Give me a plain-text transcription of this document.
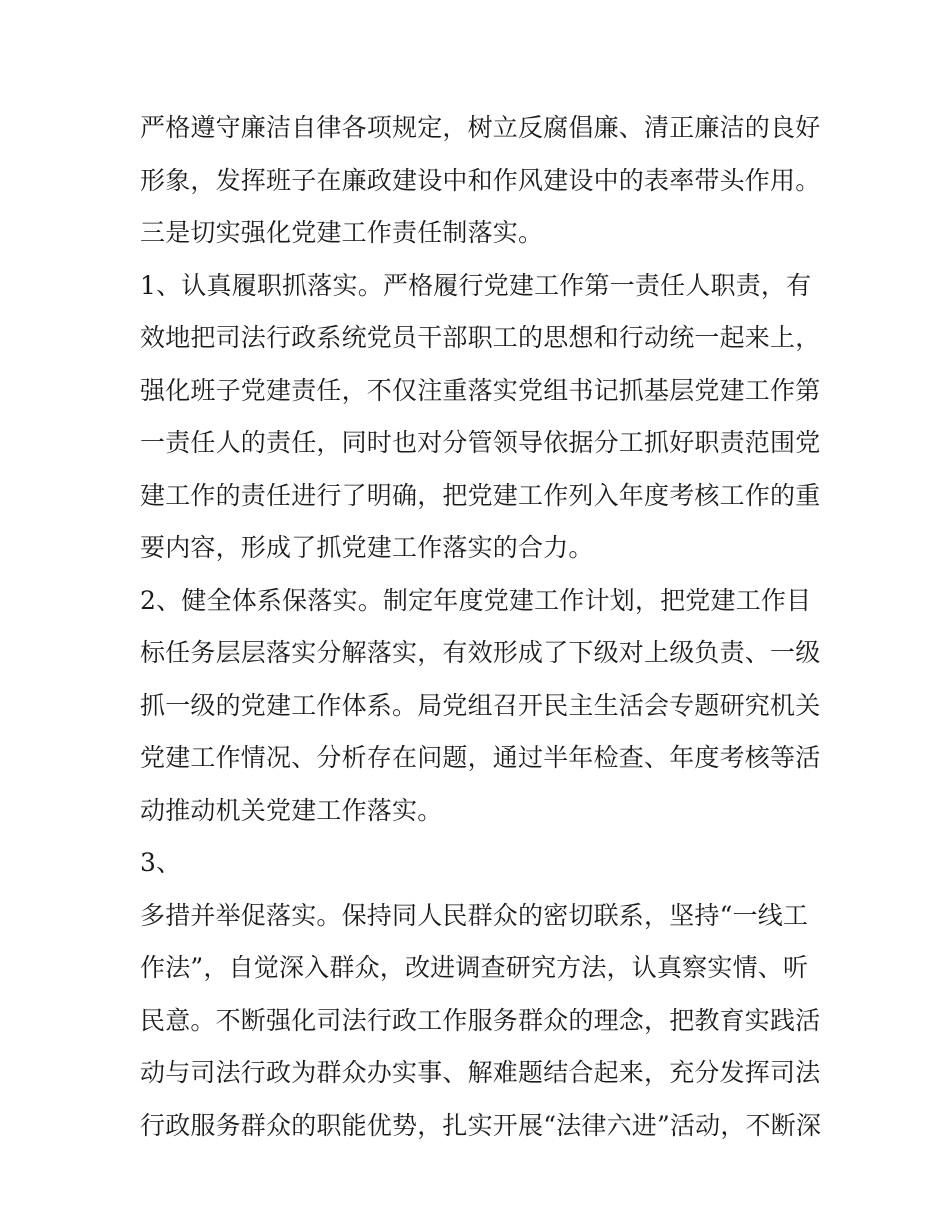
严格遵守廉洁自律各项规定，树立反腐倡廉、清正廉洁的良好
形象，发挥班子在廉政建设中和作风建设中的表率带头作用。
三是切实强化党建工作责任制落实。
1、认真履职抓落实。严格履行党建工作第一责任人职责，有
效地把司法行政系统党员干部职工的思想和行动统一起来上，
强化班子党建责任，不仅注重落实党组书记抓基层党建工作第
一责任人的责任，同时也对分管领导依据分工抓好职责范围党
建工作的责任进行了明确，把党建工作列入年度考核工作的重
要内容，形成了抓党建工作落实的合力。
2、健全体系保落实。制定年度党建工作计划，把党建工作目
标任务层层落实分解落实，有效形成了下级对上级负责、一级
抓一级的党建工作体系。局党组召开民主生活会专题研究机关
党建工作情况、分析存在问题，通过半年检查、年度考核等活
动推动机关党建工作落实。
3、
多措并举促落实。保持同人民群众的密切联系，坚持“一线工
作法”，自觉深入群众，改进调查研究方法，认真察实情、听
民意。不断强化司法行政工作服务群众的理念，把教育实践活
动与司法行政为群众办实事、解难题结合起来，充分发挥司法
行政服务群众的职能优势，扎实开展“法律六进”活动，不断深
